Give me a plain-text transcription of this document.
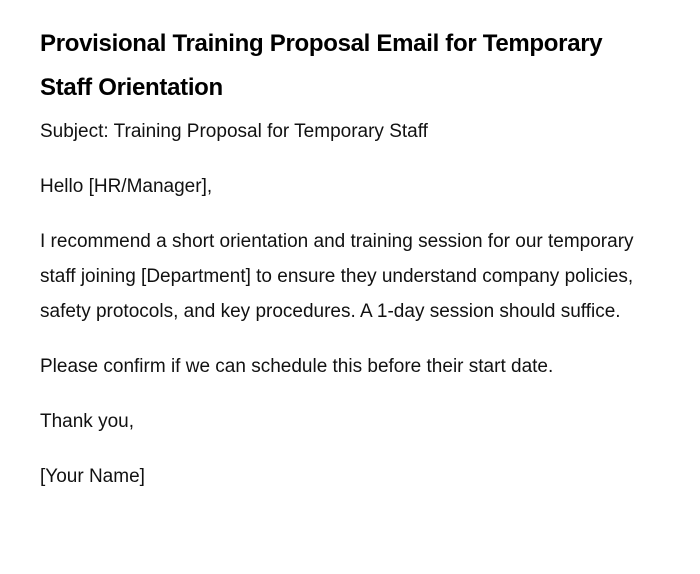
Provisional Training Proposal Email for Temporary Staff Orientation

Subject: Training Proposal for Temporary Staff

Hello [HR/Manager],

I recommend a short orientation and training session for our temporary staff joining [Department] to ensure they understand company policies, safety protocols, and key procedures. A 1-day session should suffice.

Please confirm if we can schedule this before their start date.

Thank you,

[Your Name]
